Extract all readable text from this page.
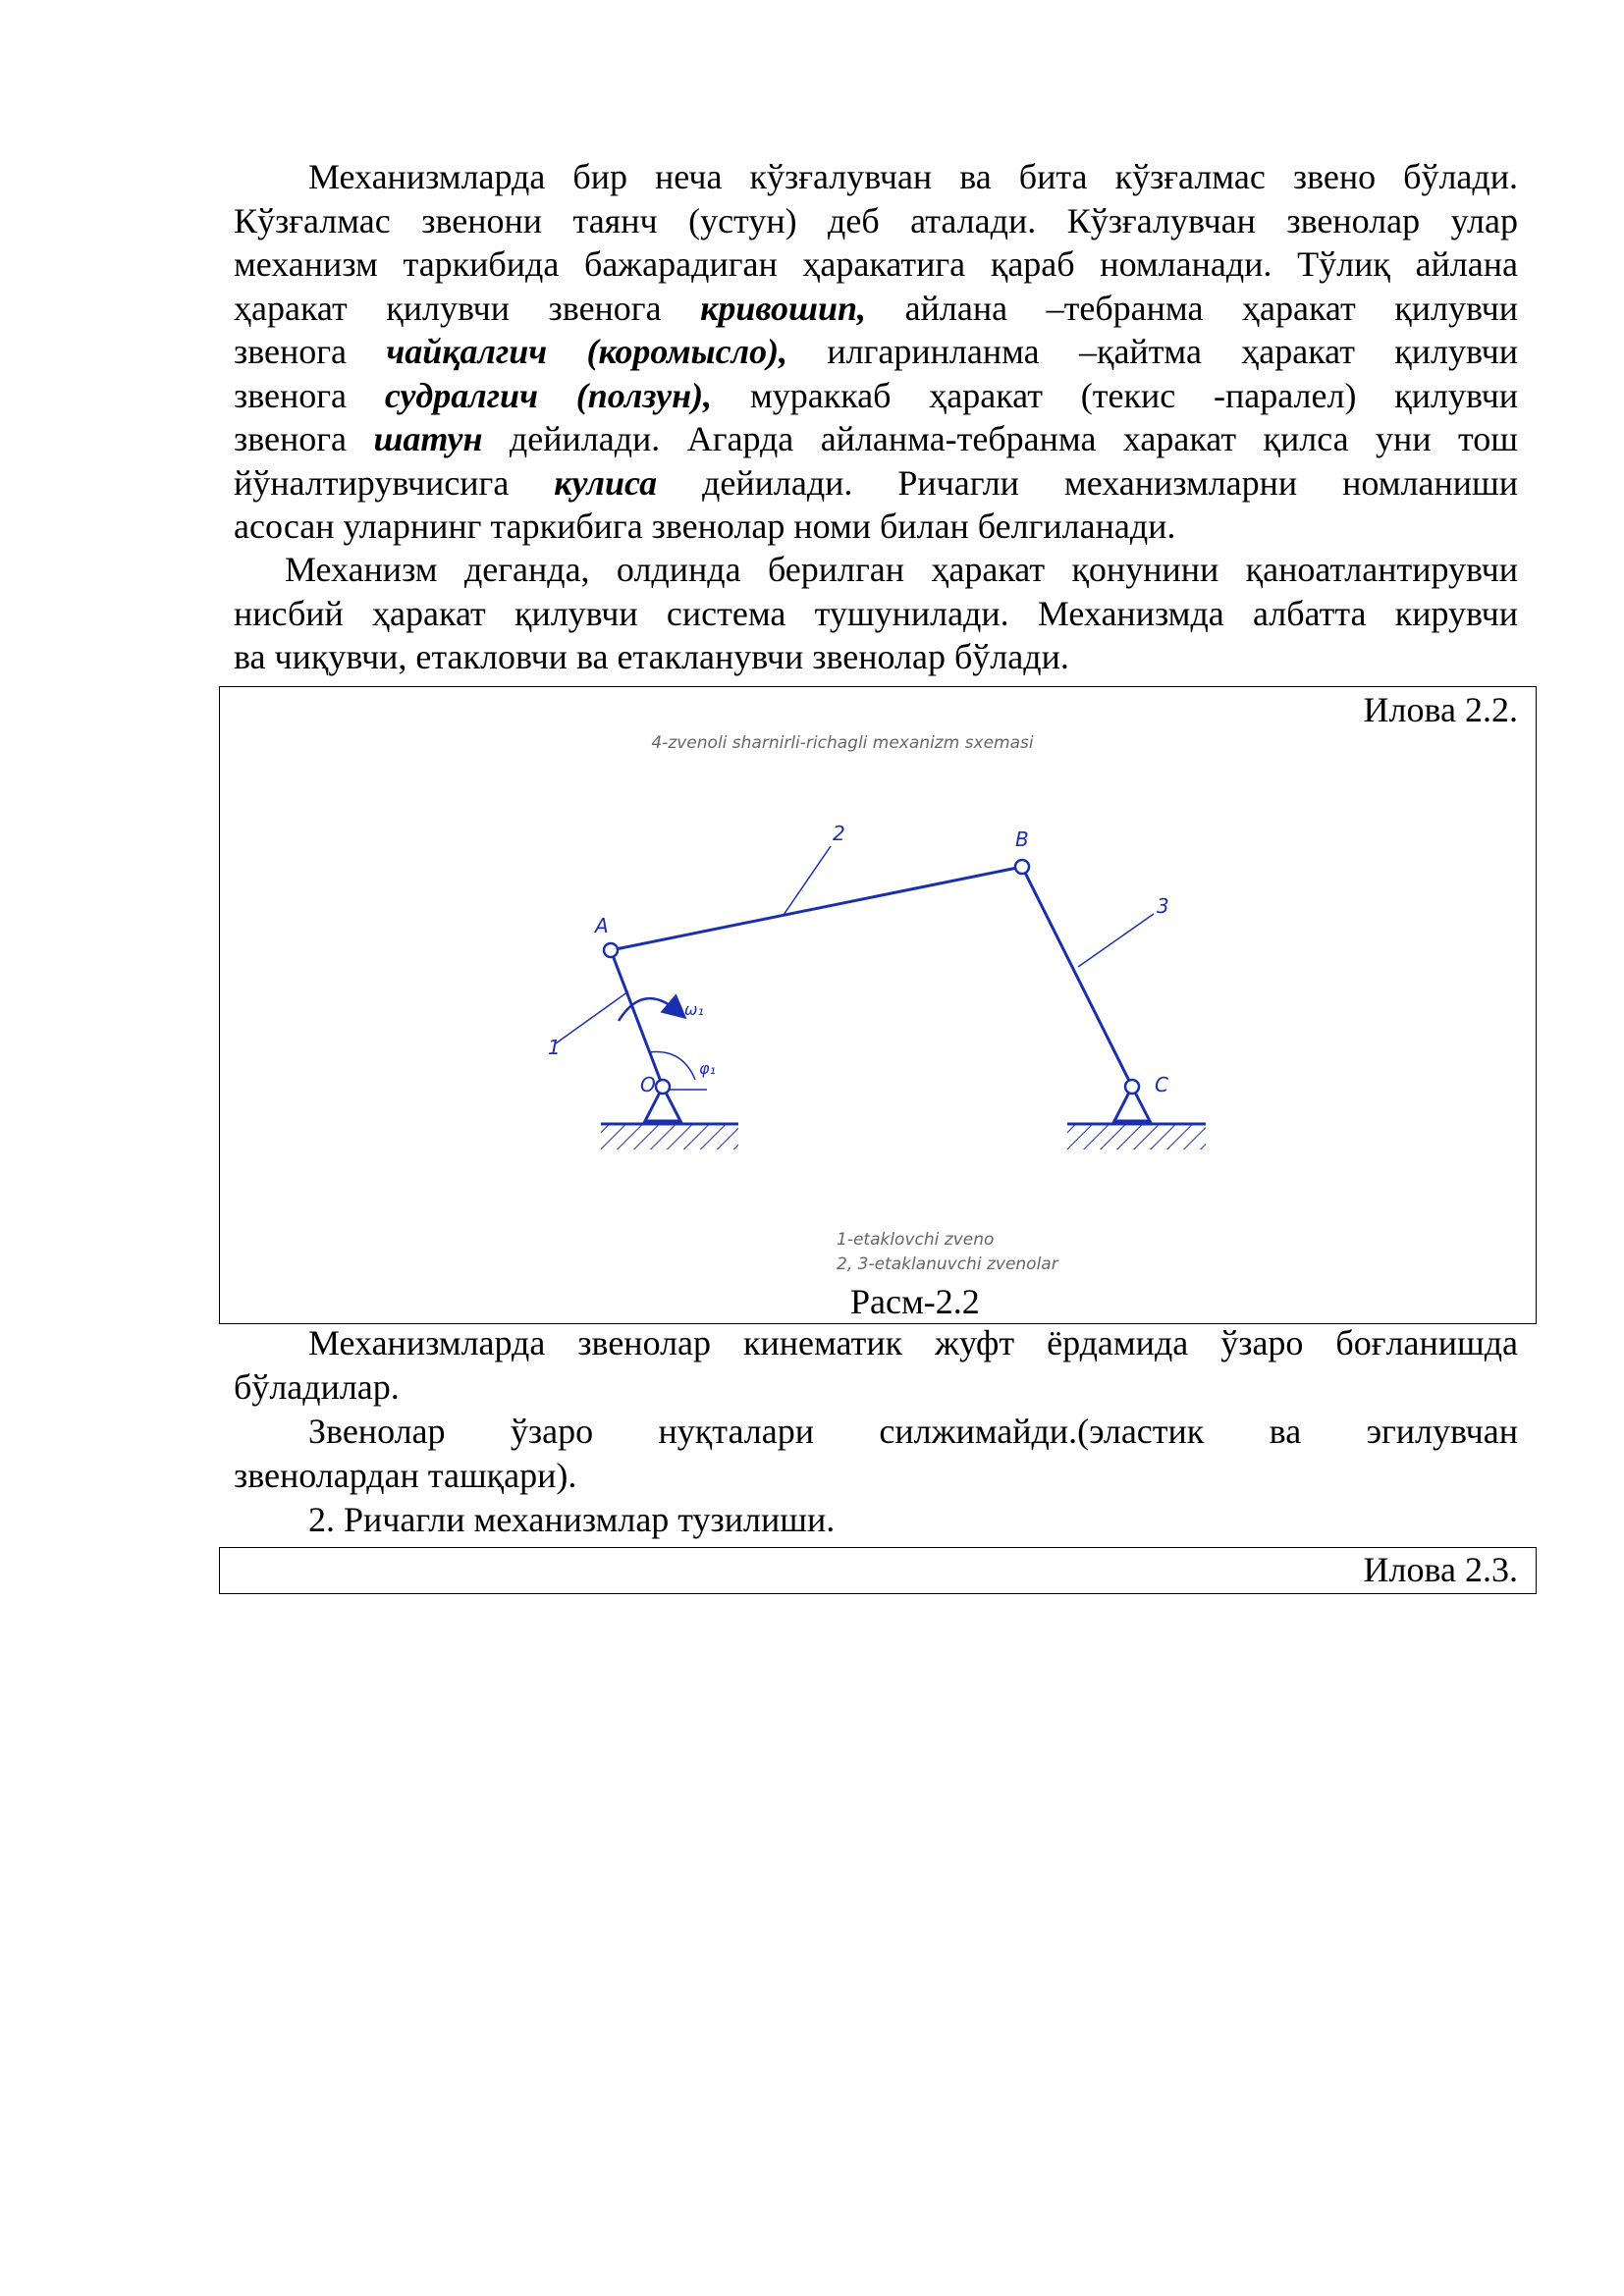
Механизмларда бир неча кўзғалувчан ва бита кўзғалмас звено бўлади.
Кўзғалмас звенони таянч (устун) деб аталади. Кўзғалувчан звенолар улар
механизм таркибида бажарадиган ҳаракатига қараб номланади. Тўлиқ айлана
ҳаракат қилувчи звенога кривошип, айлана –тебранма ҳаракат қилувчи
звенога чайқалгич (коромысло), илгаринланма –қайтма ҳаракат қилувчи
звенога судралгич (ползун), мураккаб ҳаракат (текис -паралел) қилувчи
звенога шатун дейилади. Агарда айланма-тебранма харакат қилса уни тош
йўналтирувчисига кулиса дейилади. Ричагли механизмларни номланиши
асосан уларнинг таркибига звенолар номи билан белгиланади.
Механизм деганда, олдинда берилган ҳаракат қонунини қаноатлантирувчи
нисбий ҳаракат қилувчи система тушунилади. Механизмда албатта кирувчи
ва чиқувчи, етакловчи ва етакланувчи звенолар бўлади.
Илова 2.2.
Расм-2.2
4-zvenoli sharnirli-richagli mexanizm sxemasi
A
B
C
O
1
2
3
ω₁
φ₁
1-etaklovchi zveno
2, 3-etaklanuvchi zvenolar
Механизмларда звенолар кинематик жуфт ёрдамида ўзаро боғланишда
бўладилар.
Звенолар ўзаро нуқталари силжимайди.(эластик ва эгилувчан
звенолардан ташқари).
2. Ричагли механизмлар тузилиши.
Илова 2.3.
